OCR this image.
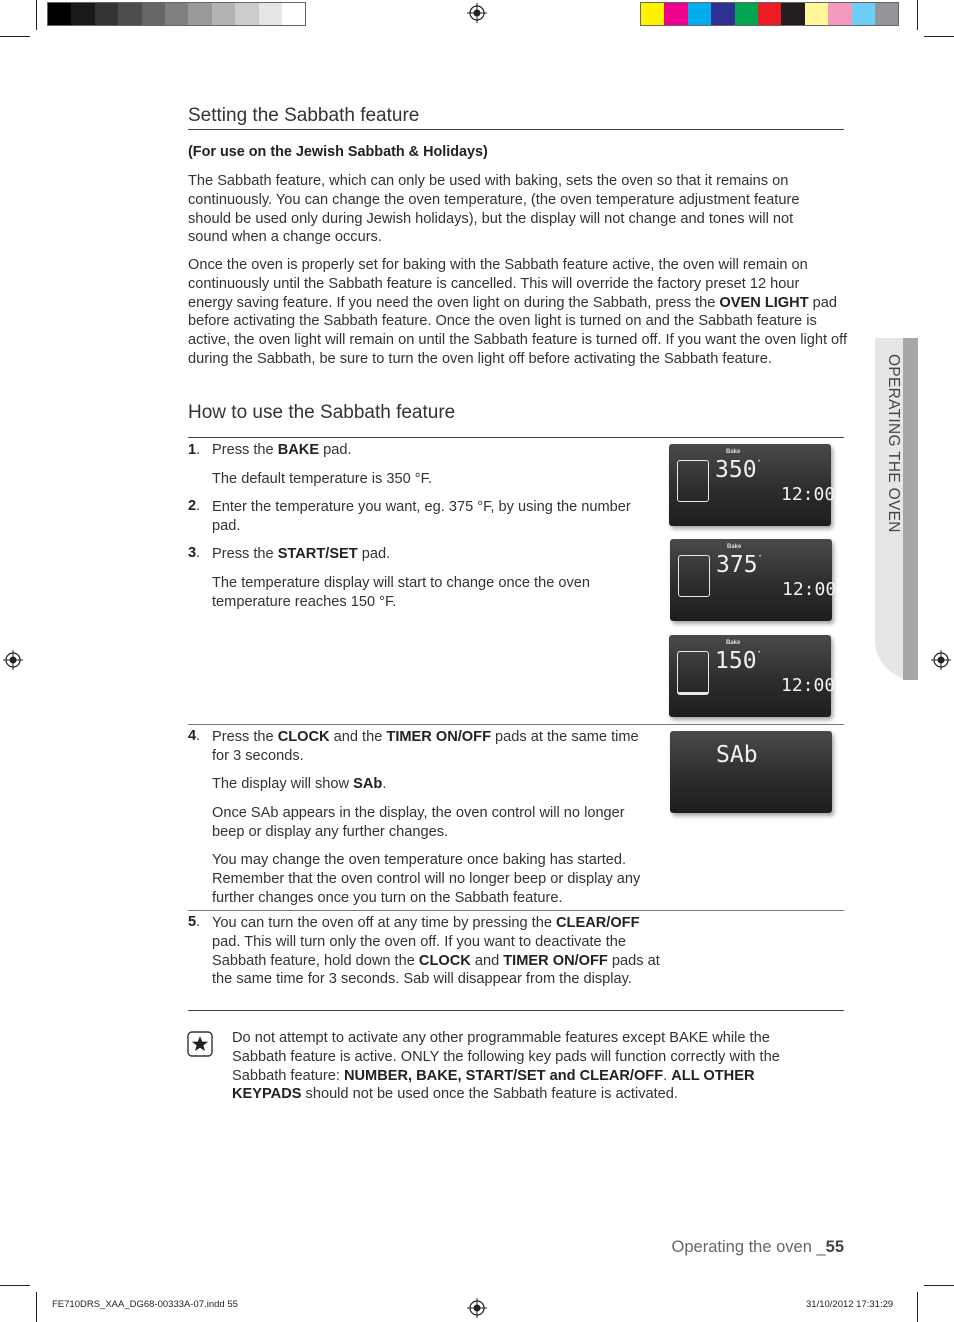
OPERATING THE OVEN
Setting the Sabbath feature
(For use on the Jewish Sabbath & Holidays)
The Sabbath feature, which can only be used with baking, sets the oven so that it remains on continuously. You can change the oven temperature, (the oven temperature adjustment feature should be used only during Jewish holidays), but the display will not change and tones will not sound when a change occurs.
Once the oven is properly set for baking with the Sabbath feature active, the oven will remain on continuously until the Sabbath feature is cancelled. This will override the factory preset 12 hour energy saving feature. If you need the oven light on during the Sabbath, press the OVEN LIGHT pad before activating the Sabbath feature. Once the oven light is turned on and the Sabbath feature is active, the oven light will remain on until the Sabbath feature is turned off. If you want the oven light off during the Sabbath, be sure to turn the oven light off before activating the Sabbath feature.
How to use the Sabbath feature
1 . Press the BAKE pad.
The default temperature is 350 °F.
2 . Enter the temperature you want, eg. 375 °F, by using the number pad.
3 . Press the START/SET pad.
The temperature display will start to change once the oven temperature reaches 150 °F.
4 . Press the CLOCK and the TIMER ON/OFF pads at the same time for 3 seconds.
The display will show SAb.
Once SAb appears in the display, the oven control will no longer beep or display any further changes.
You may change the oven temperature once baking has started. Remember that the oven control will no longer beep or display any further changes once you turn on the Sabbath feature.
5 . You can turn the oven off at any time by pressing the CLEAR/OFF pad. This will turn only the oven off. If you want to deactivate the Sabbath feature, hold down the CLOCK and TIMER ON/OFF pads at the same time for 3 seconds. Sab will disappear from the display.
Bake
350 •
12:00
Bake
375 •
12:00
Bake
150 •
12:00
SAb
Do not attempt to activate any other programmable features except BAKE while the Sabbath feature is active. ONLY the following key pads will function correctly with the Sabbath feature: NUMBER, BAKE, START/SET and CLEAR/OFF. ALL OTHER KEYPADS should not be used once the Sabbath feature is activated.
Operating the oven _55
FE710DRS_XAA_DG68-00333A-07.indd 55	31/10/2012 17:31:29
